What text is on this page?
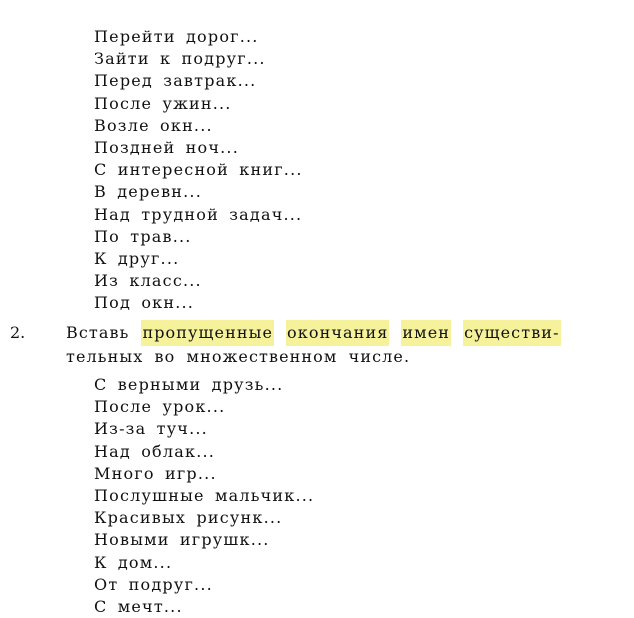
Перейти дорог...
Зайти к подруг...
Перед завтрак...
После ужин...
Возле окн...
Поздней ноч...
С интересной книг...
В деревн...
Над трудной задач...
По трав...
К друг...
Из класс...
Под окн...
2.	Вставь пропущенные окончания имен существи-
тельных во множественном числе.
С верными друзь...
После урок...
Из-за туч...
Над облак...
Много игр...
Послушные мальчик...
Красивых рисунк...
Новыми игрушк...
К дом...
От подруг...
С мечт...
